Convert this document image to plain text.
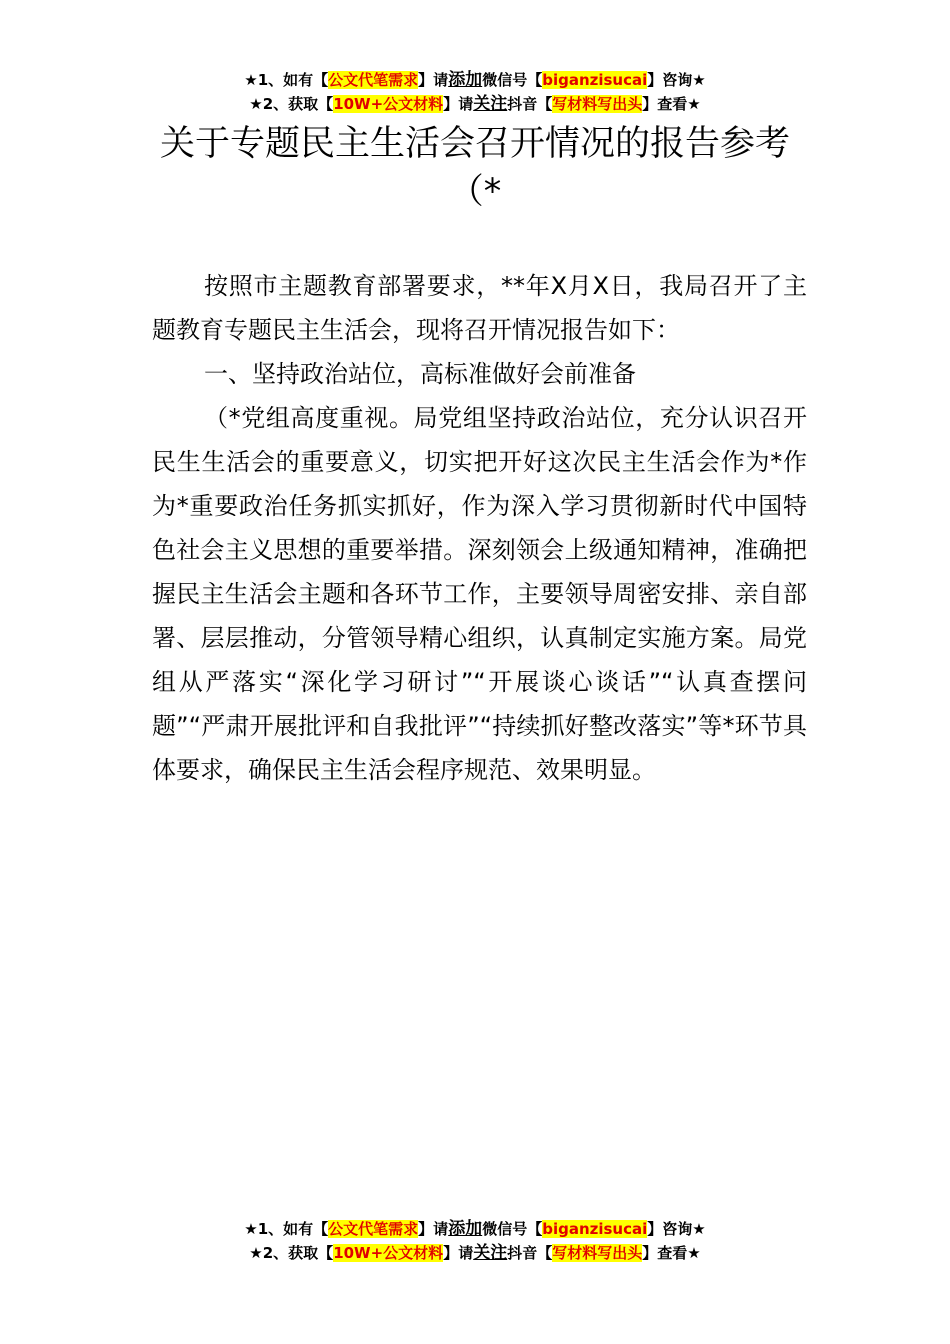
★1、如有【公文代笔需求】请添加微信号【biganzisucai】咨询★
★2、获取【10W+公文材料】请关注抖音【写材料写出头】查看★
关于专题民主生活会召开情况的报告参考
（*

按照市主题教育部署要求，**年X月X日，我局召开了主题教育专题民主生活会，现将召开情况报告如下：

一、坚持政治站位，高标准做好会前准备

（*党组高度重视。局党组坚持政治站位，充分认识召开民生生活会的重要意义，切实把开好这次民主生活会作为*作为*重要政治任务抓实抓好，作为深入学习贯彻新时代中国特色社会主义思想的重要举措。深刻领会上级通知精神，准确把握民主生活会主题和各环节工作，主要领导周密安排、亲自部署、层层推动，分管领导精心组织，认真制定实施方案。局党组从严落实“深化学习研讨”“开展谈心谈话”“认真查摆问题”“严肃开展批评和自我批评”“持续抓好整改落实”等*环节具体要求，确保民主生活会程序规范、效果明显。

★1、如有【公文代笔需求】请添加微信号【biganzisucai】咨询★
★2、获取【10W+公文材料】请关注抖音【写材料写出头】查看★
